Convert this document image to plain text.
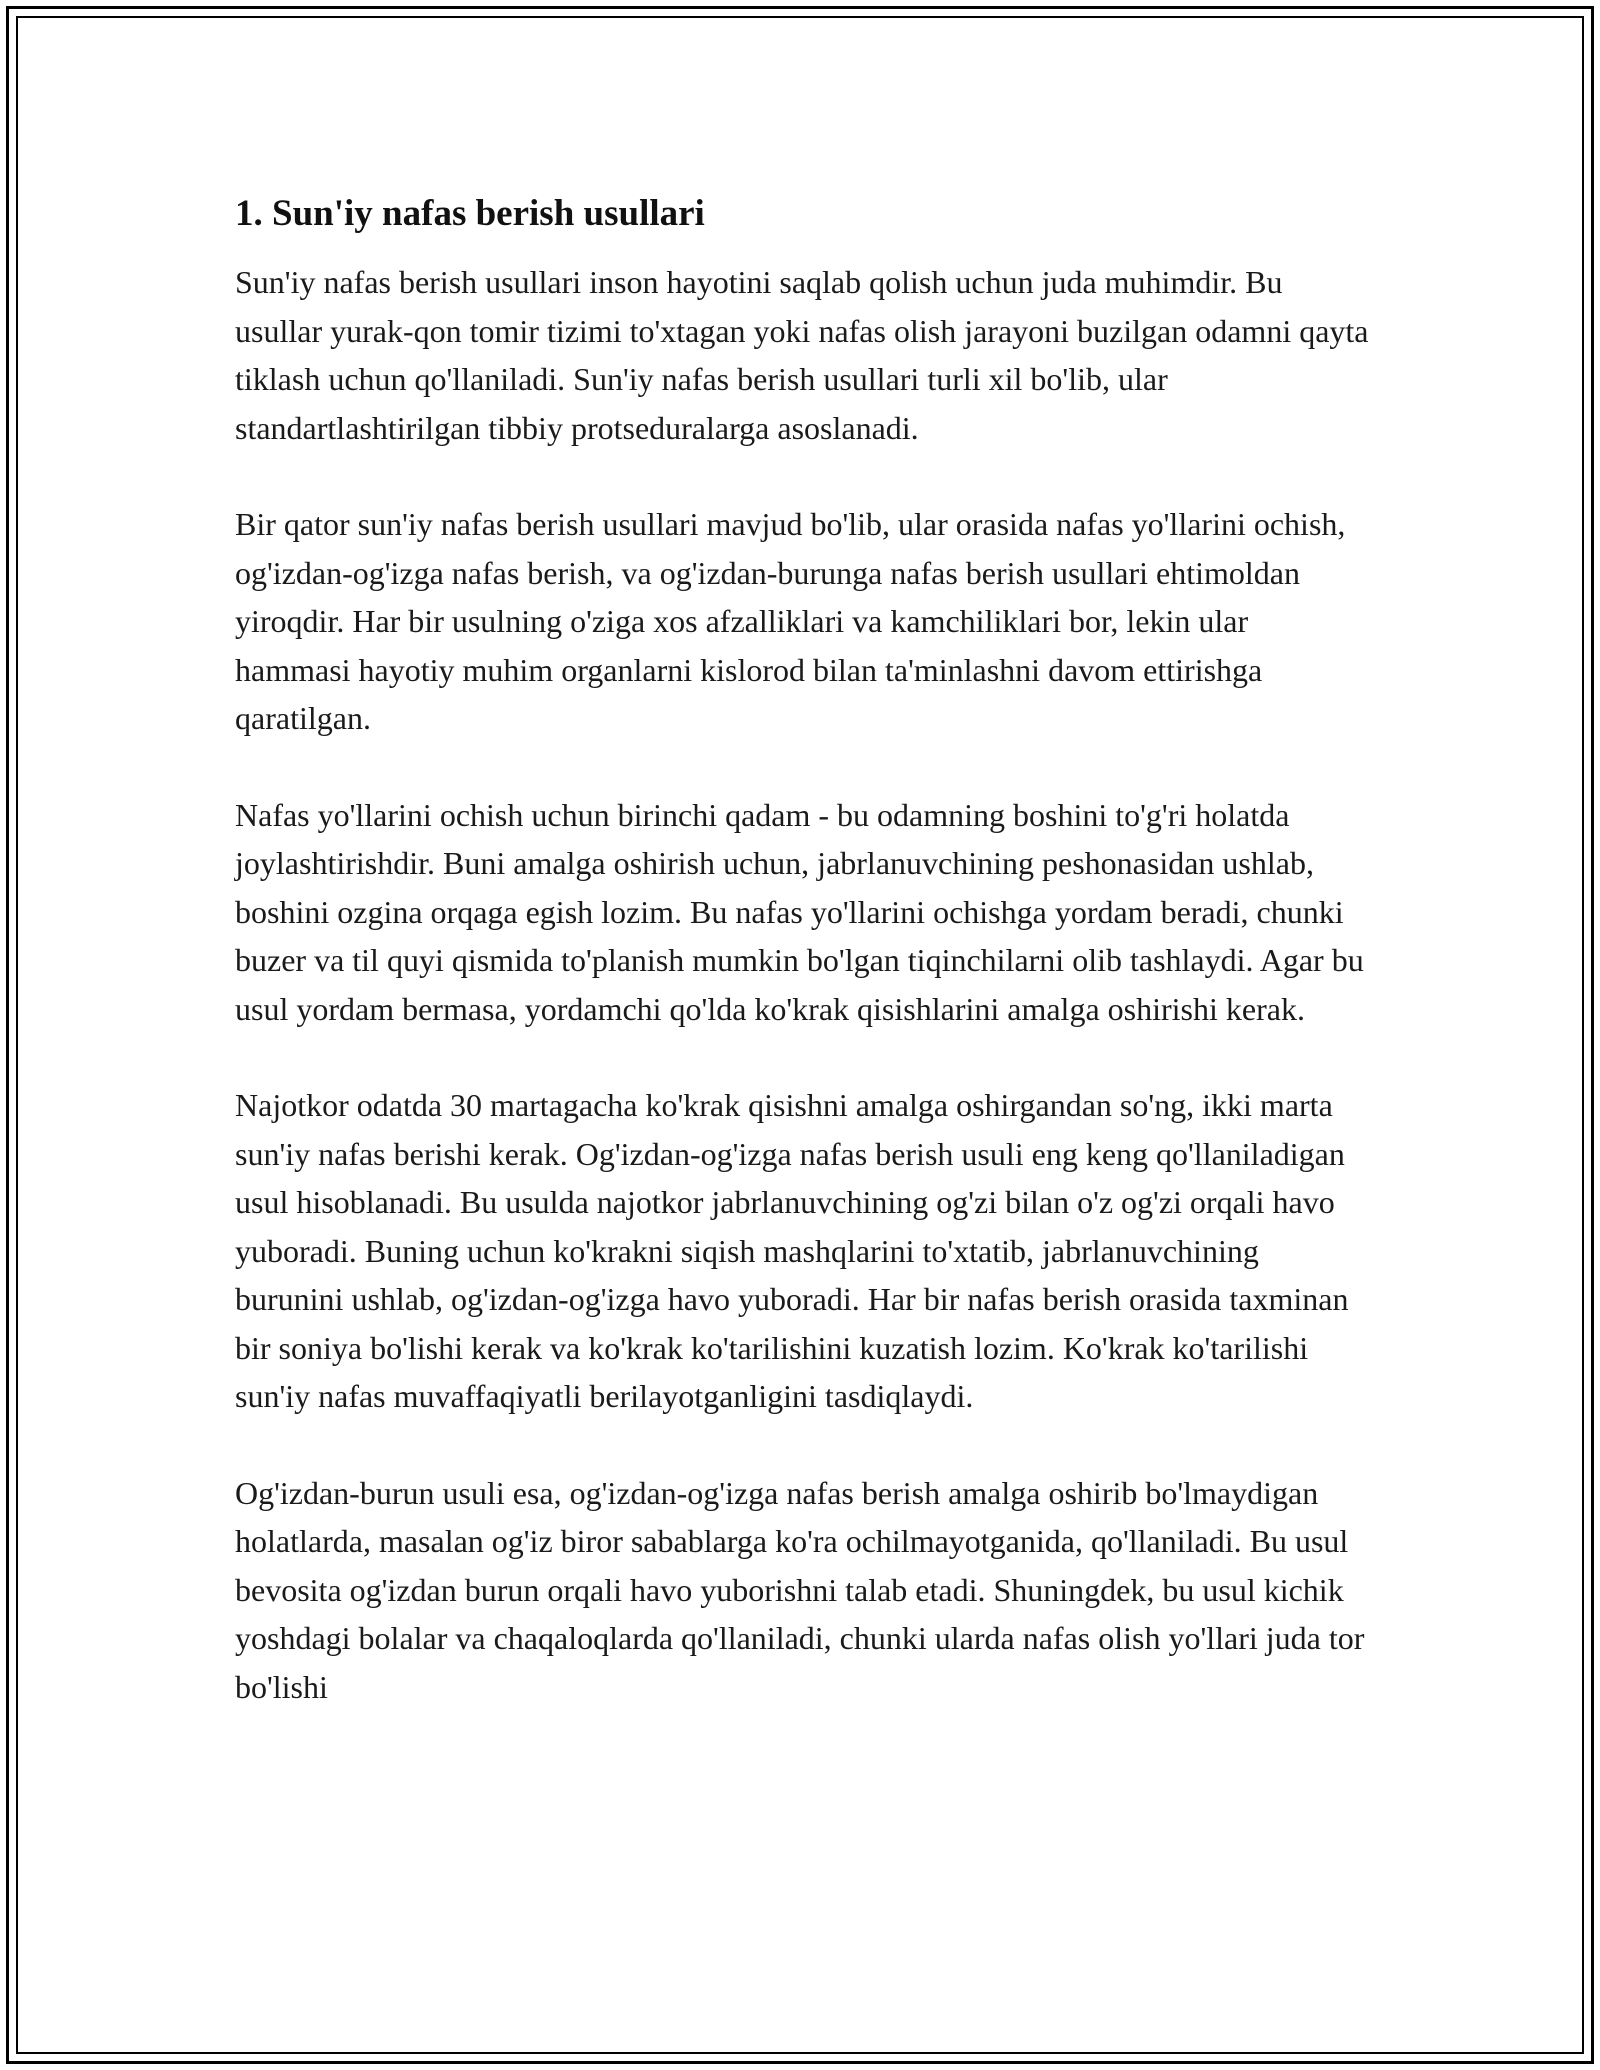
1. Sun'iy nafas berish usullari

Sun'iy nafas berish usullari inson hayotini saqlab qolish uchun juda muhimdir. Bu usullar yurak-qon tomir tizimi to'xtagan yoki nafas olish jarayoni buzilgan odamni qayta tiklash uchun qo'llaniladi. Sun'iy nafas berish usullari turli xil bo'lib, ular standartlashtirilgan tibbiy protseduralarga asoslanadi.

Bir qator sun'iy nafas berish usullari mavjud bo'lib, ular orasida nafas yo'llarini ochish, og'izdan-og'izga nafas berish, va og'izdan-burunga nafas berish usullari ehtimoldan yiroqdir. Har bir usulning o'ziga xos afzalliklari va kamchiliklari bor, lekin ular hammasi hayotiy muhim organlarni kislorod bilan ta'minlashni davom ettirishga qaratilgan.

Nafas yo'llarini ochish uchun birinchi qadam - bu odamning boshini to'g'ri holatda joylashtirishdir. Buni amalga oshirish uchun, jabrlanuvchining peshonasidan ushlab, boshini ozgina orqaga egish lozim. Bu nafas yo'llarini ochishga yordam beradi, chunki buzer va til quyi qismida to'planish mumkin bo'lgan tiqinchilarni olib tashlaydi. Agar bu usul yordam bermasa, yordamchi qo'lda ko'krak qisishlarini amalga oshirishi kerak.

Najotkor odatda 30 martagacha ko'krak qisishni amalga oshirgandan so'ng, ikki marta sun'iy nafas berishi kerak. Og'izdan-og'izga nafas berish usuli eng keng qo'llaniladigan usul hisoblanadi. Bu usulda najotkor jabrlanuvchining og'zi bilan o'z og'zi orqali havo yuboradi. Buning uchun ko'krakni siqish mashqlarini to'xtatib, jabrlanuvchining burunini ushlab, og'izdan-og'izga havo yuboradi. Har bir nafas berish orasida taxminan bir soniya bo'lishi kerak va ko'krak ko'tarilishini kuzatish lozim. Ko'krak ko'tarilishi sun'iy nafas muvaffaqiyatli berilayotganligini tasdiqlaydi.

Og'izdan-burun usuli esa, og'izdan-og'izga nafas berish amalga oshirib bo'lmaydigan holatlarda, masalan og'iz biror sabablarga ko'ra ochilmayotganida, qo'llaniladi. Bu usul bevosita og'izdan burun orqali havo yuborishni talab etadi. Shuningdek, bu usul kichik yoshdagi bolalar va chaqaloqlarda qo'llaniladi, chunki ularda nafas olish yo'llari juda tor bo'lishi
